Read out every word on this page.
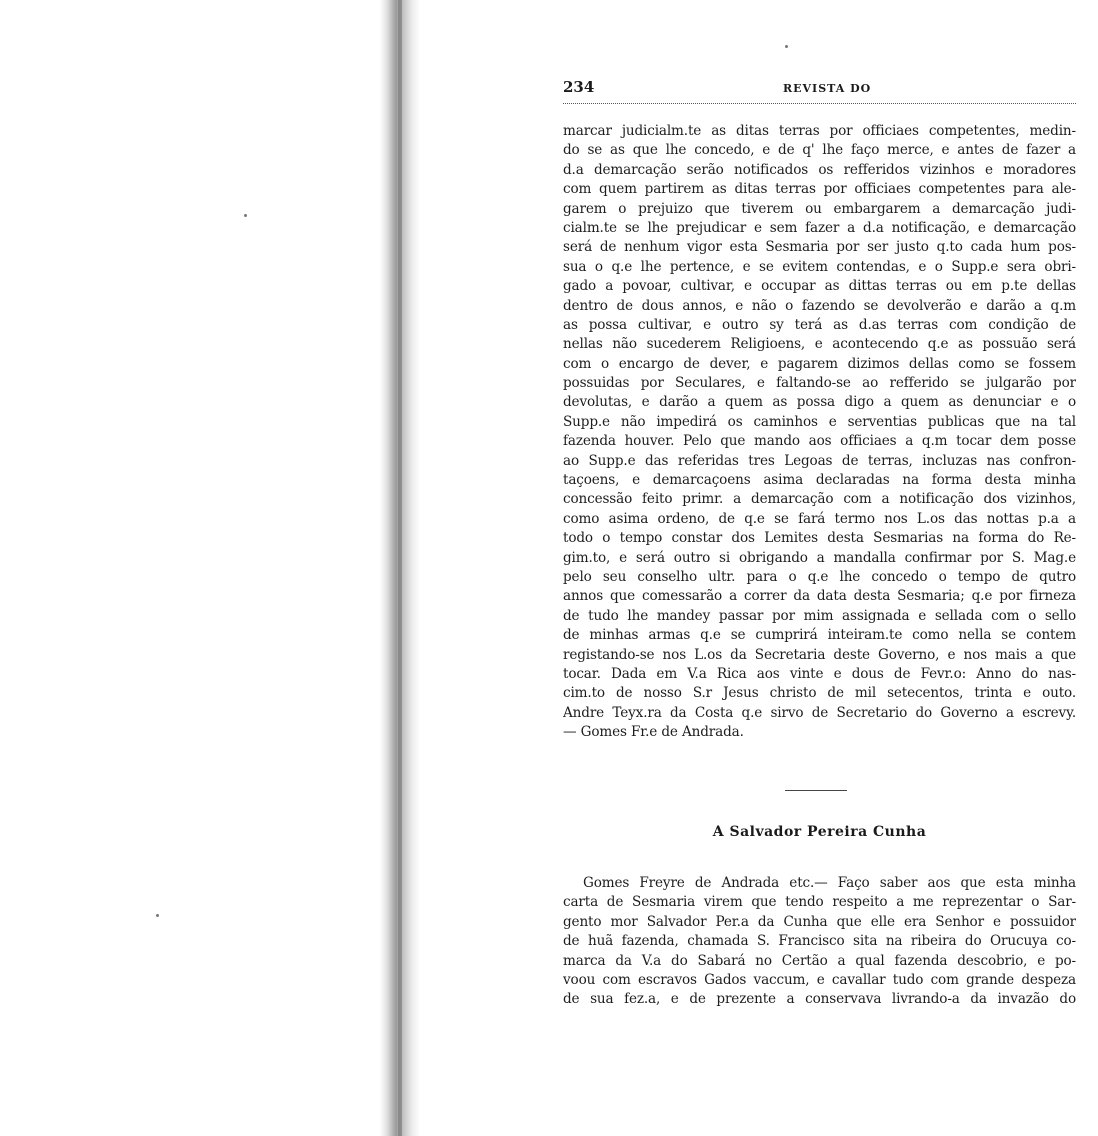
234	REVISTA DO
marcar judicialm.te as ditas terras por officiaes competentes, medin-
do se as que lhe concedo, e de q' lhe faço merce, e antes de fazer a
d.a demarcação serão notificados os refferidos vizinhos e moradores
com quem partirem as ditas terras por officiaes competentes para ale-
garem o prejuizo que tiverem ou embargarem a demarcação judi-
cialm.te se lhe prejudicar e sem fazer a d.a notificação, e demarcação
será de nenhum vigor esta Sesmaria por ser justo q.to cada hum pos-
sua o q.e lhe pertence, e se evitem contendas, e o Supp.e sera obri-
gado a povoar, cultivar, e occupar as dittas terras ou em p.te dellas
dentro de dous annos, e não o fazendo se devolverão e darão a q.m
as possa cultivar, e outro sy terá as d.as terras com condição de
nellas não sucederem Religioens, e acontecendo q.e as possuão será
com o encargo de dever, e pagarem dizimos dellas como se fossem
possuidas por Seculares, e faltando-se ao refferido se julgarão por
devolutas, e darão a quem as possa digo a quem as denunciar e o
Supp.e não impedirá os caminhos e serventias publicas que na tal
fazenda houver. Pelo que mando aos officiaes a q.m tocar dem posse
ao Supp.e das referidas tres Legoas de terras, incluzas nas confron-
taçoens, e demarcaçoens asima declaradas na forma desta minha
concessão feito primr. a demarcação com a notificação dos vizinhos,
como asima ordeno, de q.e se fará termo nos L.os das nottas p.a a
todo o tempo constar dos Lemites desta Sesmarias na forma do Re-
gim.to, e será outro si obrigando a mandalla confirmar por S. Mag.e
pelo seu conselho ultr. para o q.e lhe concedo o tempo de qutro
annos que comessarão a correr da data desta Sesmaria; q.e por firneza
de tudo lhe mandey passar por mim assignada e sellada com o sello
de minhas armas q.e se cumprirá inteiram.te como nella se contem
registando-se nos L.os da Secretaria deste Governo, e nos mais a que
tocar. Dada em V.a Rica aos vinte e dous de Fevr.o: Anno do nas-
cim.to de nosso S.r Jesus christo de mil setecentos, trinta e outo.
Andre Teyx.ra da Costa q.e sirvo de Secretario do Governo a escrevy.
— Gomes Fr.e de Andrada.
A Salvador Pereira Cunha
Gomes Freyre de Andrada etc.— Faço saber aos que esta minha
carta de Sesmaria virem que tendo respeito a me reprezentar o Sar-
gento mor Salvador Per.a da Cunha que elle era Senhor e possuidor
de huã fazenda, chamada S. Francisco sita na ribeira do Orucuya co-
marca da V.a do Sabará no Certão a qual fazenda descobrio, e po-
voou com escravos Gados vaccum, e cavallar tudo com grande despeza
de sua fez.a, e de prezente a conservava livrando-a da invazão do
